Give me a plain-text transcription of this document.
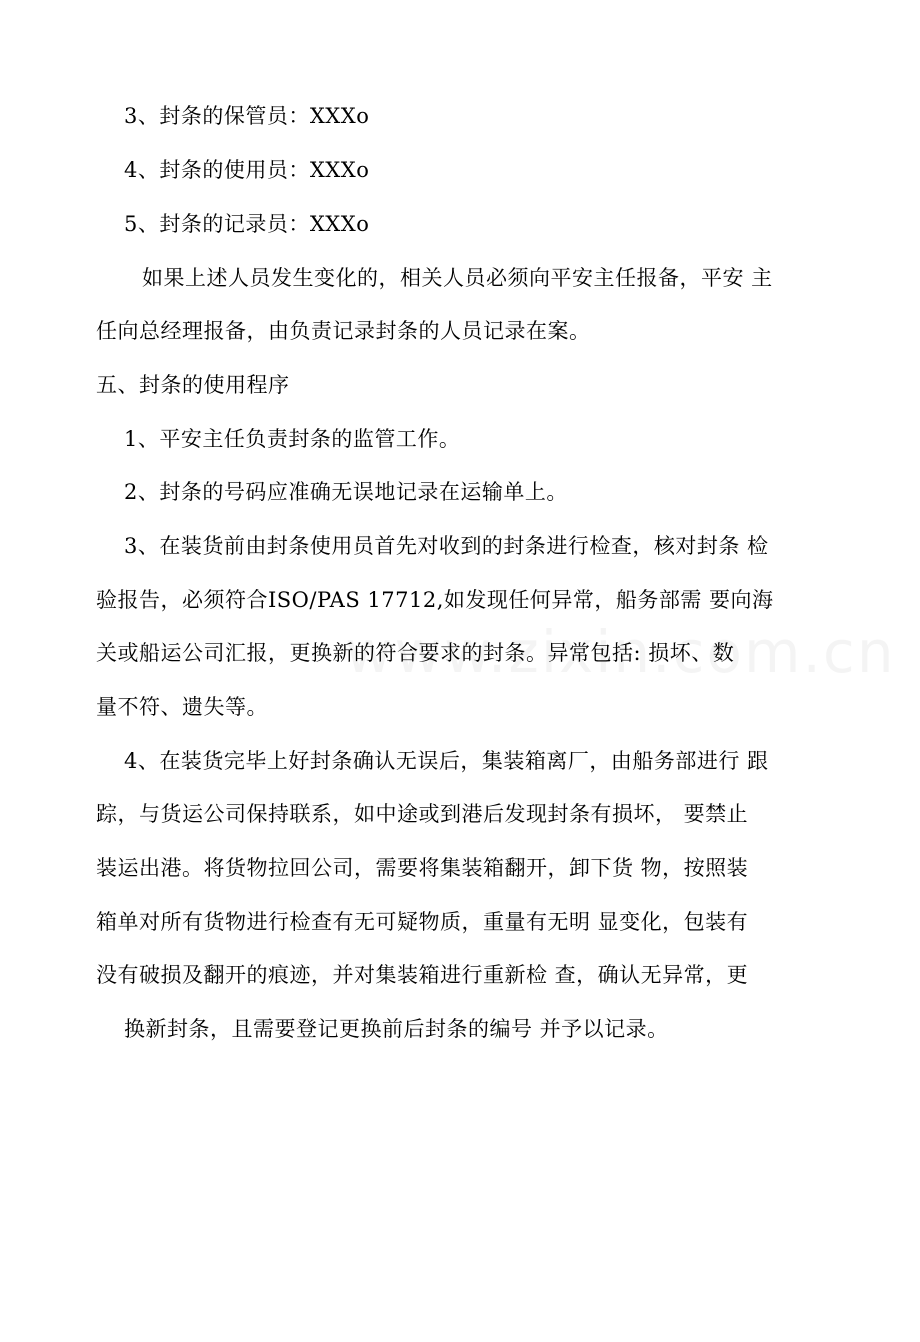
3、封条的保管员：XXXo
4、封条的使用员：XXXo
5、封条的记录员：XXXo
如果上述人员发生变化的，相关人员必须向平安主任报备，平安 主
任向总经理报备，由负责记录封条的人员记录在案。
五、封条的使用程序
1、平安主任负责封条的监管工作。
2、封条的号码应准确无误地记录在运输单上。
3、在装货前由封条使用员首先对收到的封条进行检查，核对封条 检
验报告，必须符合ISO/PAS 17712,如发现任何异常，船务部需 要向海
关或船运公司汇报，更换新的符合要求的封条。异常包括: 损坏、数
量不符、遗失等。
4、在装货完毕上好封条确认无误后，集装箱离厂，由船务部进行 跟
踪，与货运公司保持联系，如中途或到港后发现封条有损坏， 要禁止
装运出港。将货物拉回公司，需要将集装箱翻开，卸下货 物，按照装
箱单对所有货物进行检查有无可疑物质，重量有无明 显变化，包装有
没有破损及翻开的痕迹，并对集装箱进行重新检 查，确认无异常，更
换新封条，且需要登记更换前后封条的编号 并予以记录。
